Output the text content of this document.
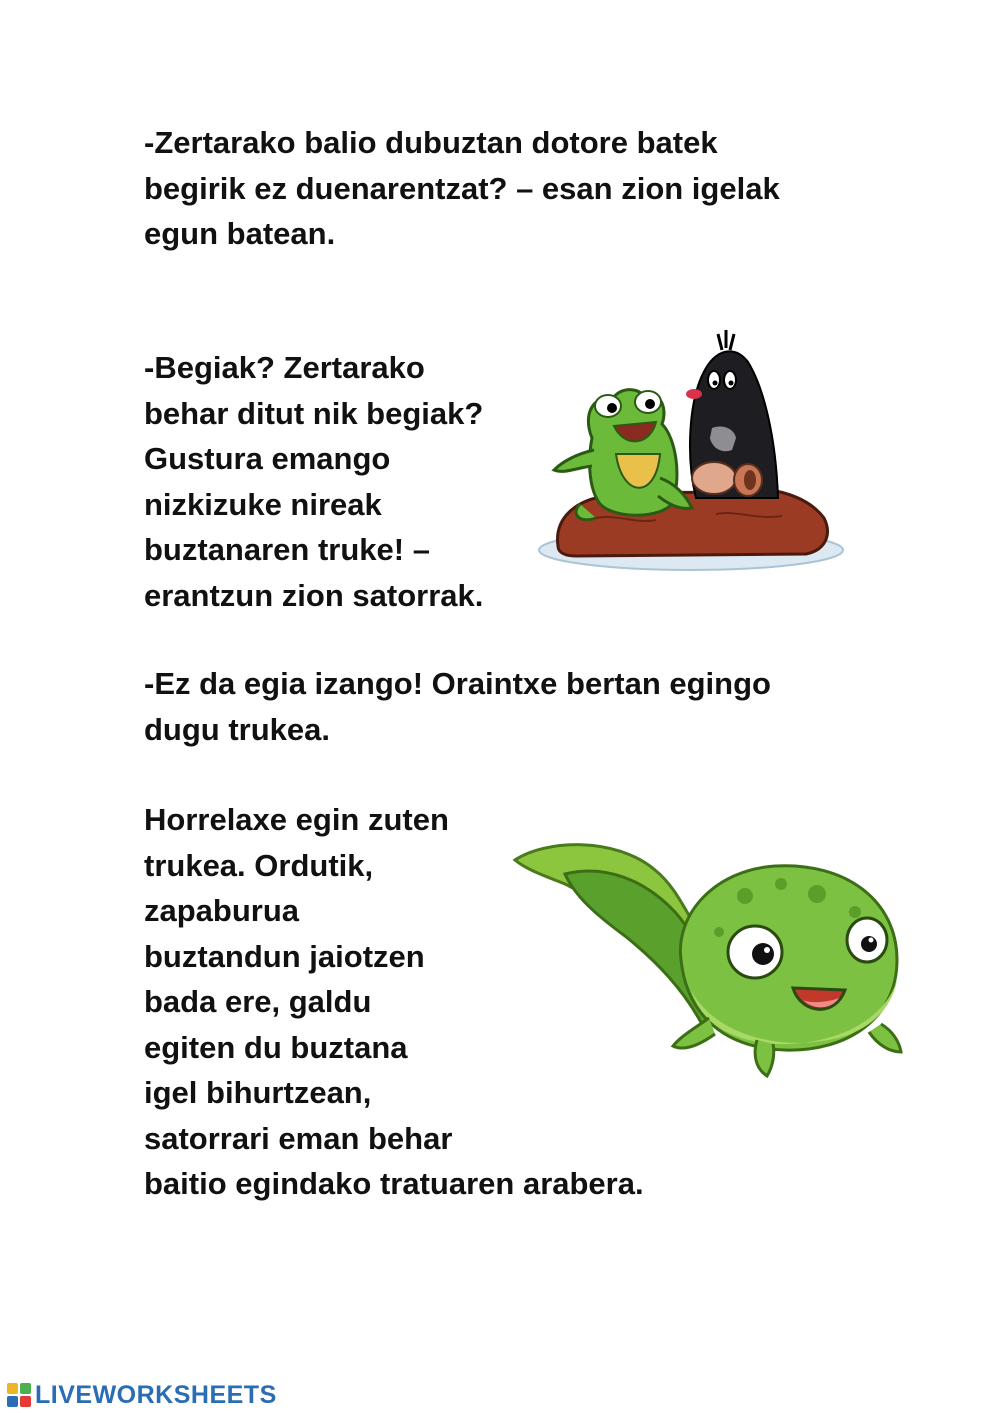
-Zertarako balio dubuztan dotore batek
begirik ez duenarentzat? – esan zion igelak
egun batean.
-Begiak? Zertarako
behar ditut nik begiak?
Gustura emango
nizkizuke nireak
buztanaren truke! –
erantzun zion satorrak.
-Ez da egia izango! Oraintxe bertan egingo
dugu trukea.
Horrelaxe egin zuten
trukea. Ordutik,
zapaburua
buztandun jaiotzen
bada ere, galdu
egiten du buztana
igel bihurtzean,
satorrari eman behar
baitio egindako tratuaren arabera.
LIVEWORKSHEETS
